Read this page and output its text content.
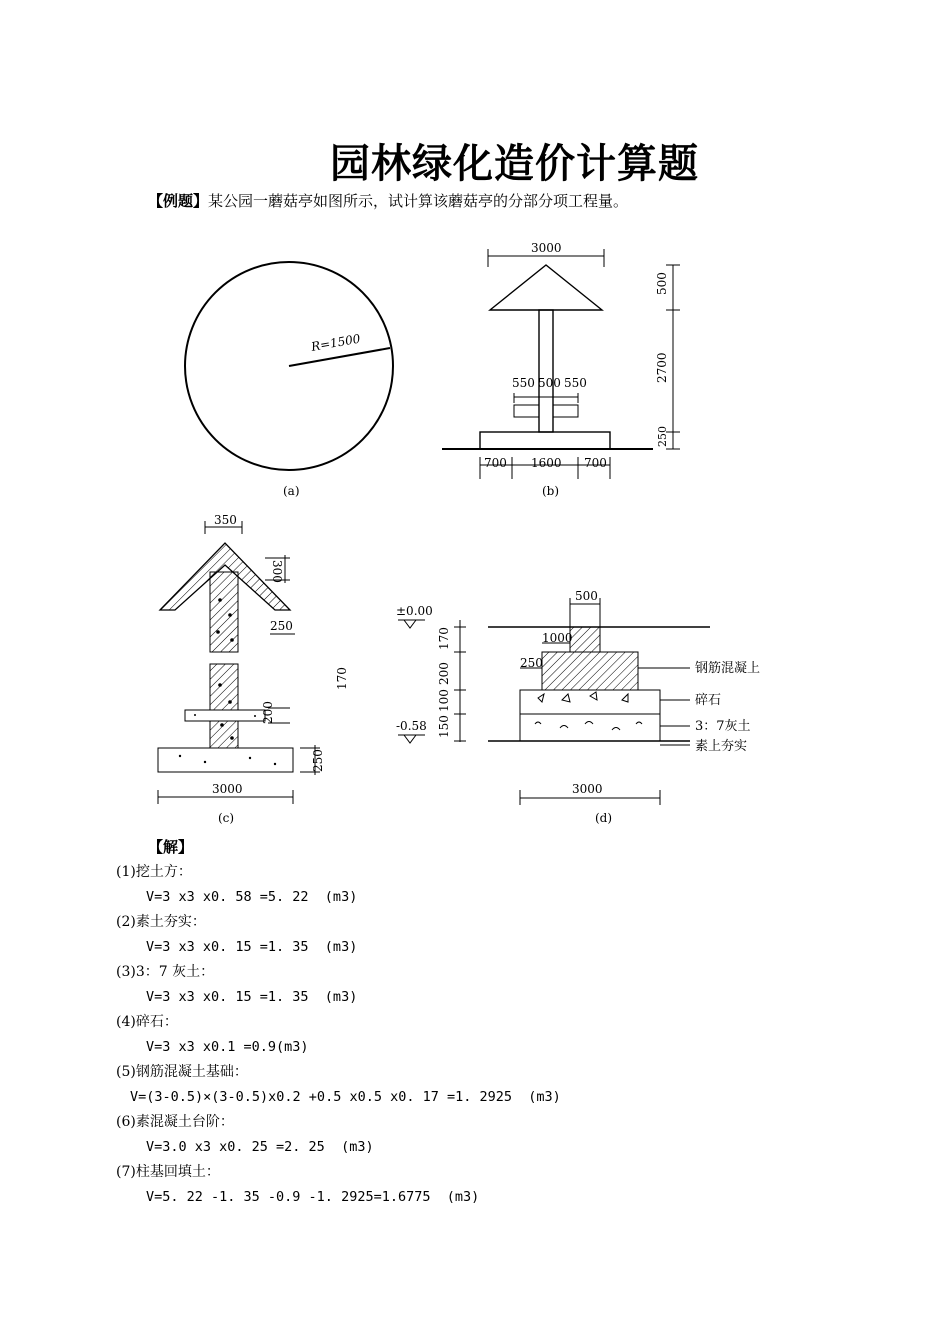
园林绿化造价计算题
【例题】某公园一蘑菇亭如图所示，试计算该蘑菇亭的分部分项工程量。
R=1500
(a)
3000
550 500 550
700 1600 700
500
2700
250
(b)
350
300
250
200
250
170
3000
(c)
±0.00
-0.58
170
200
100
150
500
1000
250
3000
钢筋混凝上
碎石
3：7灰土
素上夯实
(d)
【解】
(1)挖土方：
V=3 x3 x0. 58 =5. 22  (m3)
(2)素土夯实：
V=3 x3 x0. 15 =1. 35  (m3)
(3)3：7 灰土：
V=3 x3 x0. 15 =1. 35  (m3)
(4)碎石：
V=3 x3 x0.1 =0.9(m3)
(5)钢筋混凝土基础：
V=(3-0.5)×(3-0.5)x0.2 +0.5 x0.5 x0. 17 =1. 2925  (m3)
(6)素混凝土台阶：
V=3.0 x3 x0. 25 =2. 25  (m3)
(7)柱基回填土：
V=5. 22 -1. 35 -0.9 -1. 2925=1.6775  (m3)
